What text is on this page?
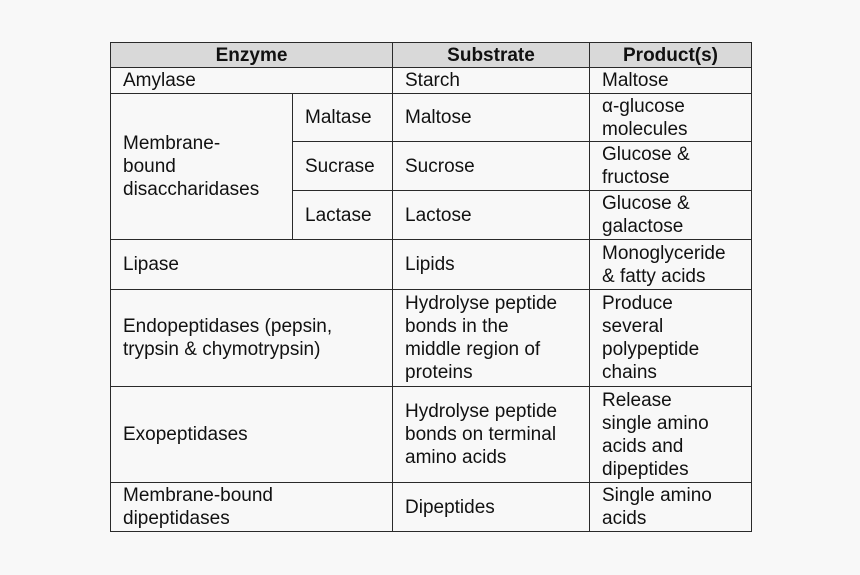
Enzyme		Substrate	Product(s)
Amylase		Starch	Maltose

Membrane-
bound
disaccharidases	Maltase	Maltose	α-glucose
molecules

	Sucrase	Sucrose	Glucose &
fructose

	Lactase	Lactose	Glucose &
galactose

Lipase		Lipids	Monoglyceride
& fatty acids

Endopeptidases (pepsin,
trypsin & chymotrypsin)		Hydrolyse peptide
bonds in the
middle region of
proteins	Produce
several
polypeptide
chains

Exopeptidases		Hydrolyse peptide
bonds on terminal
amino acids	Release
single amino
acids and
dipeptides

Membrane-bound
dipeptidases		Dipeptides	Single amino
acids
